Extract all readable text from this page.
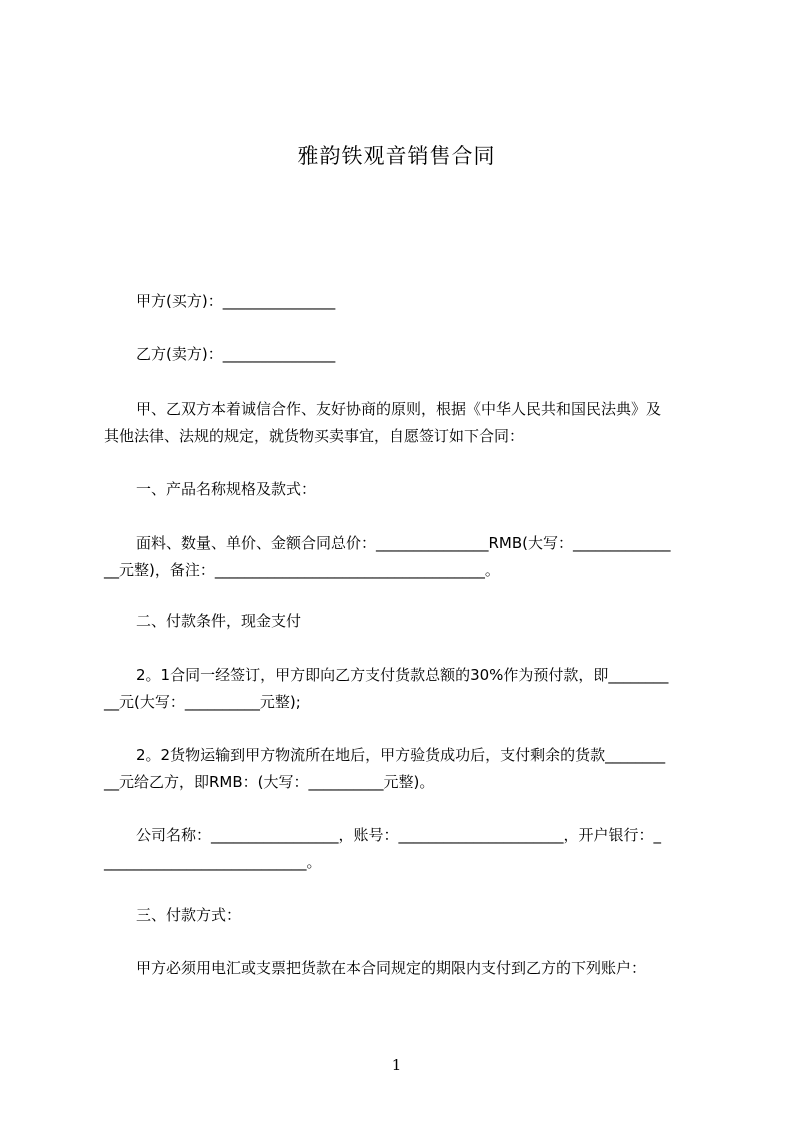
雅韵铁观音销售合同
甲方(买方)：_______________
乙方(卖方)：_______________
甲、乙双方本着诚信合作、友好协商的原则，根据《中华人民共和国民法典》及
其他法律、法规的规定，就货物买卖事宜，自愿签订如下合同：
一、产品名称规格及款式：
面料、数量、单价、金额合同总价：_______________RMB(大写：_____________
__元整)，备注：____________________________________。
二、付款条件，现金支付
2。1合同一经签订，甲方即向乙方支付货款总额的30%作为预付款，即________
__元(大写：__________元整);
2。2货物运输到甲方物流所在地后，甲方验货成功后，支付剩余的货款________
__元给乙方，即RMB：(大写：__________元整)。
公司名称：_________________，账号：______________________，开户银行：_
___________________________。
三、付款方式：
甲方必须用电汇或支票把货款在本合同规定的期限内支付到乙方的下列账户：
1
